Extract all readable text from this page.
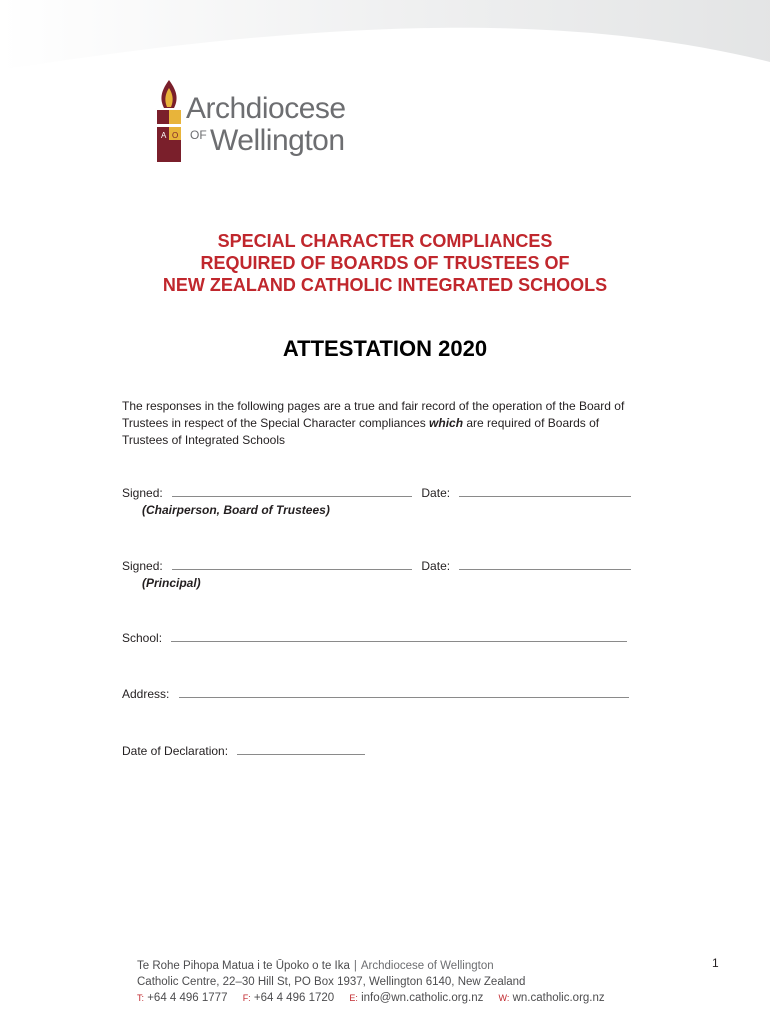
A O
Archdiocese
OF Wellington
SPECIAL CHARACTER COMPLIANCES
REQUIRED OF BOARDS OF TRUSTEES OF
NEW ZEALAND CATHOLIC INTEGRATED SCHOOLS
ATTESTATION 2020
The responses in the following pages are a true and fair record of the operation of the Board of Trustees in respect of the Special Character compliances which are required of Boards of Trustees of Integrated Schools
Signed:	Date:
(Chairperson, Board of Trustees)
Signed:	Date:
(Principal)
School:
Address:
Date of Declaration:
1
Te Rohe Pihopa Matua i te Ūpoko o te Ika | Archdiocese of Wellington
Catholic Centre, 22–30 Hill St, PO Box 1937, Wellington 6140, New Zealand
T: +64 4 496 1777 F: +64 4 496 1720 E: info@wn.catholic.org.nz W: wn.catholic.org.nz
